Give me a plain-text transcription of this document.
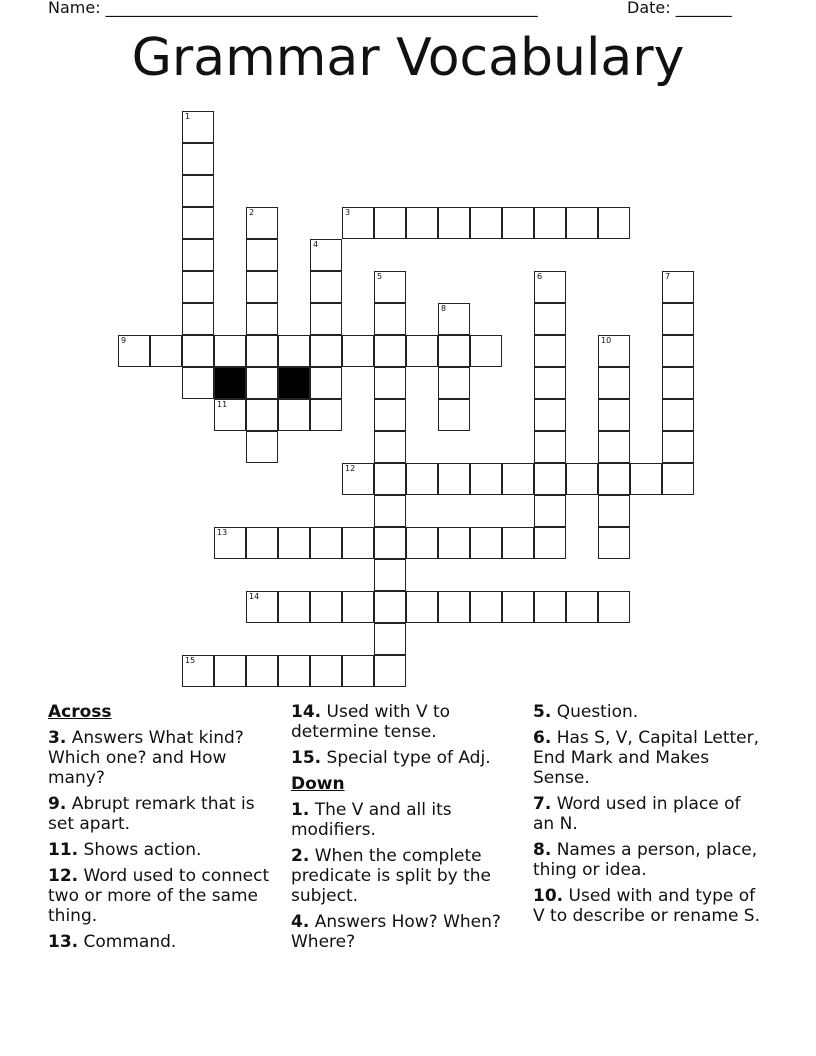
Name: ______________________________________________________	Date: _______
Grammar Vocabulary
1
2	3
4
5	6	7
8
9	10
11
12
13
14
15
Across
3. Answers What kind? Which one? and How many?
9. Abrupt remark that is set apart.
11. Shows action.
12. Word used to connect two or more of the same thing.
13. Command.
14. Used with V to determine tense.
15. Special type of Adj.
Down
1. The V and all its modifiers.
2. When the complete predicate is split by the subject.
4. Answers How? When? Where?
5. Question.
6. Has S, V, Capital Letter, End Mark and Makes Sense.
7. Word used in place of an N.
8. Names a person, place, thing or idea.
10. Used with and type of V to describe or rename S.
